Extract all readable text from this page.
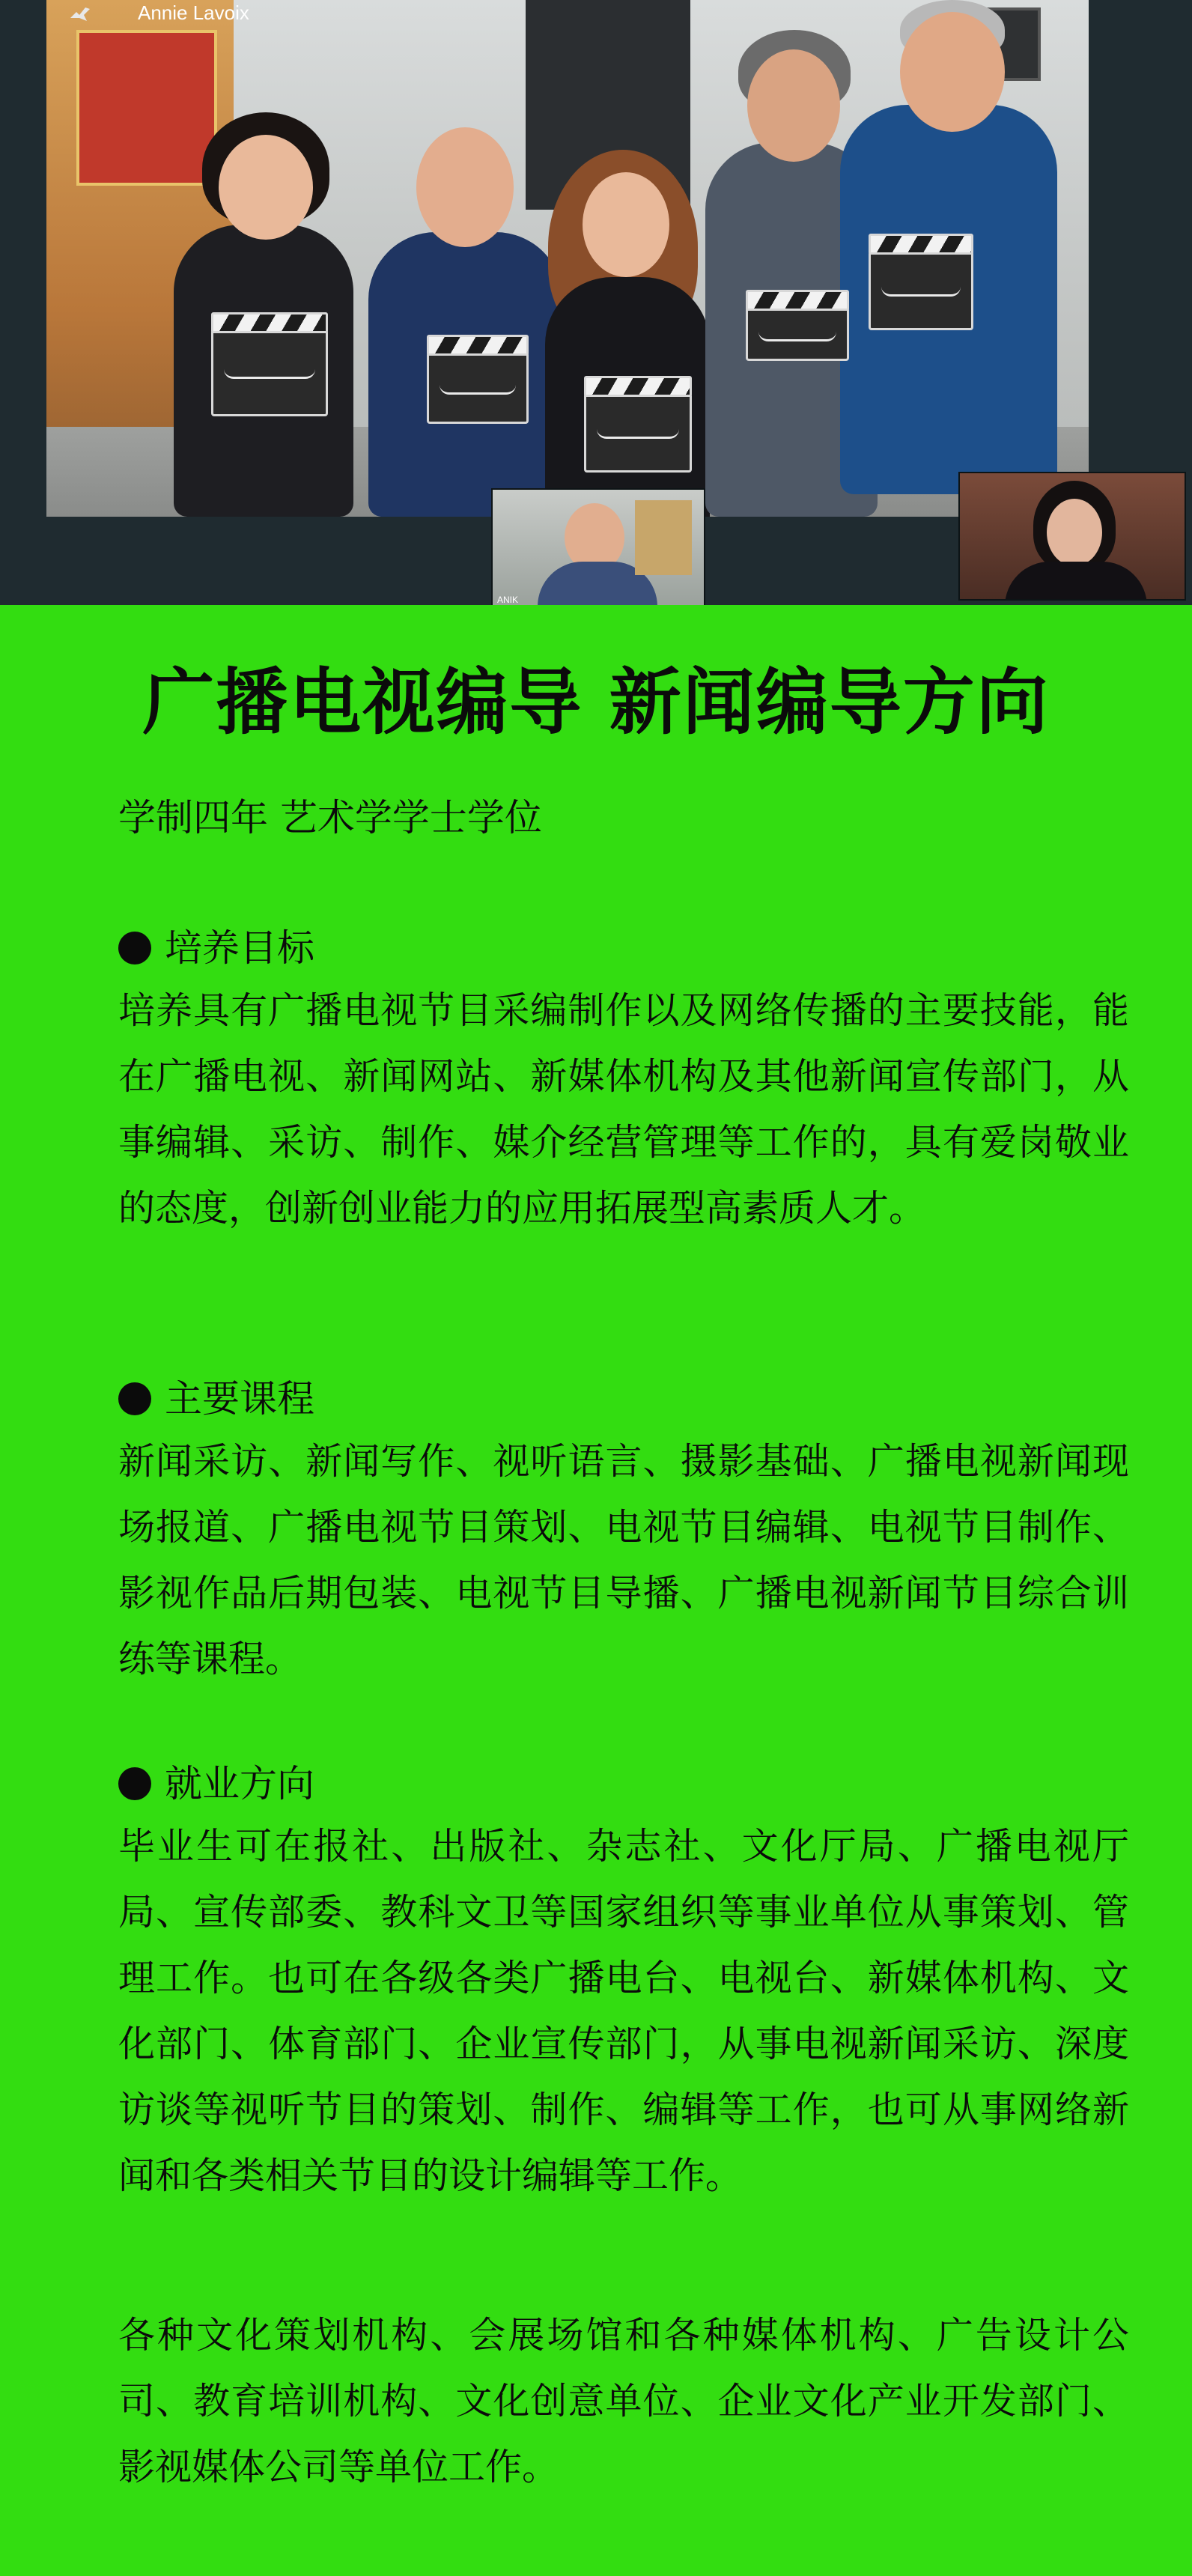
Annie Lavoix
ANIK
广播电视编导 新闻编导方向

学制四年 艺术学学士学位

培养目标

培养具有广播电视节目采编制作以及网络传播的主要技能，能在广播电视、新闻网站、新媒体机构及其他新闻宣传部门，从事编辑、采访、制作、媒介经营管理等工作的，具有爱岗敬业的态度，创新创业能力的应用拓展型高素质人才。

主要课程

新闻采访、新闻写作、视听语言、摄影基础、广播电视新闻现场报道、广播电视节目策划、电视节目编辑、电视节目制作、影视作品后期包装、电视节目导播、广播电视新闻节目综合训练等课程。

就业方向

毕业生可在报社、出版社、杂志社、文化厅局、广播电视厅局、宣传部委、教科文卫等国家组织等事业单位从事策划、管理工作。也可在各级各类广播电台、电视台、新媒体机构、文化部门、体育部门、企业宣传部门，从事电视新闻采访、深度访谈等视听节目的策划、制作、编辑等工作，也可从事网络新闻和各类相关节目的设计编辑等工作。

各种文化策划机构、会展场馆和各种媒体机构、广告设计公司、教育培训机构、文化创意单位、企业文化产业开发部门、影视媒体公司等单位工作。
